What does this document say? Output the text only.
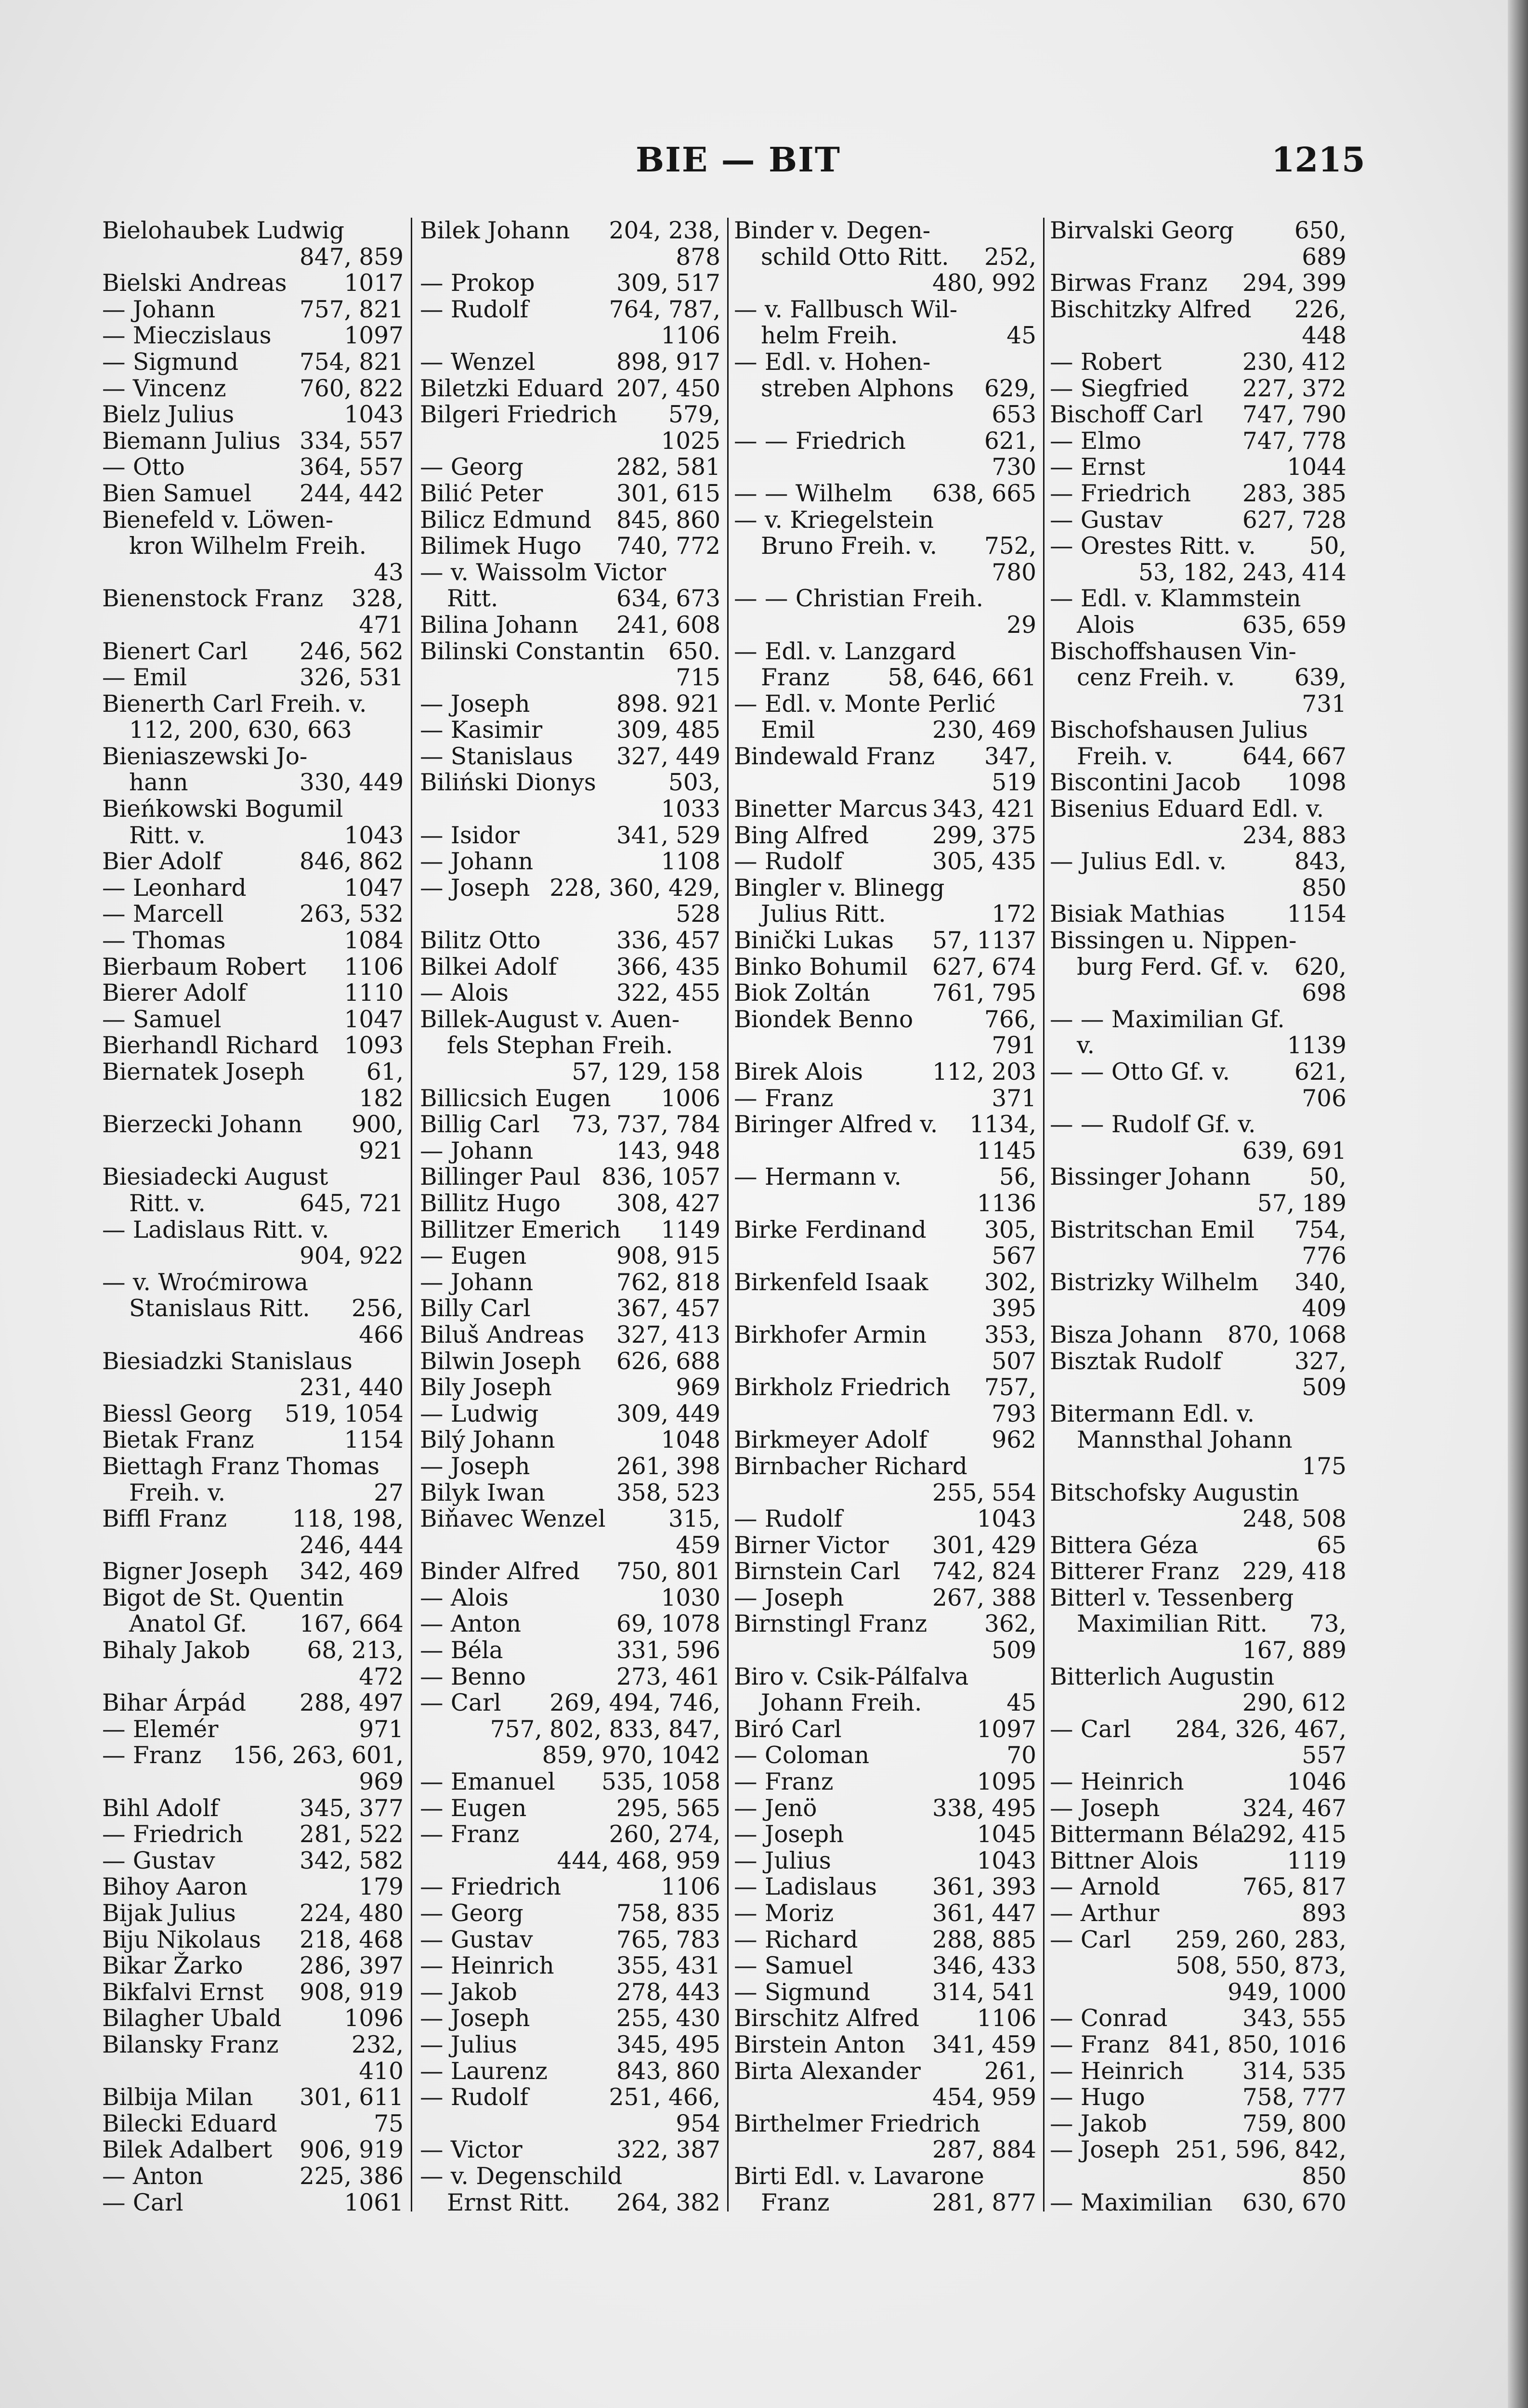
BIE — BIT	1215
Bielohaubek Ludwig
847, 859
1017
Bielski Andreas
757, 821
— Johann
1097
— Mieczislaus
754, 821
— Sigmund
760, 822
— Vincenz
1043
Bielz Julius
334, 557
Biemann Julius
364, 557
— Otto
244, 442
Bien Samuel
Bienefeld v. Löwen-
kron Wilhelm Freih.
43
328,
Bienenstock Franz
471
246, 562
Bienert Carl
326, 531
— Emil
Bienerth Carl Freih. v.
112, 200, 630, 663
Bieniaszewski Jo-
330, 449
hann
Bieńkowski Bogumil
1043
Ritt. v.
846, 862
Bier Adolf
1047
— Leonhard
263, 532
— Marcell
1084
— Thomas
1106
Bierbaum Robert
1110
Bierer Adolf
1047
— Samuel
1093
Bierhandl Richard
61,
Biernatek Joseph
182
900,
Bierzecki Johann
921
Biesiadecki August
645, 721
Ritt. v.
— Ladislaus Ritt. v.
904, 922
— v. Wroćmirowa
256,
Stanislaus Ritt.
466
Biesiadzki Stanislaus
231, 440
519, 1054
Biessl Georg
1154
Bietak Franz
Biettagh Franz Thomas
27
Freih. v.
118, 198,
Biffl Franz
246, 444
342, 469
Bigner Joseph
Bigot de St. Quentin
167, 664
Anatol Gf.
68, 213,
Bihaly Jakob
472
288, 497
Bihar Árpád
971
— Elemér
156, 263, 601,
— Franz
969
345, 377
Bihl Adolf
281, 522
— Friedrich
342, 582
— Gustav
179
Bihoy Aaron
224, 480
Bijak Julius
218, 468
Biju Nikolaus
286, 397
Bikar Žarko
908, 919
Bikfalvi Ernst
1096
Bilagher Ubald
232,
Bilansky Franz
410
301, 611
Bilbija Milan
75
Bilecki Eduard
906, 919
Bilek Adalbert
225, 386
— Anton
1061
— Carl
204, 238,
Bilek Johann
878
309, 517
— Prokop
764, 787,
— Rudolf
1106
898, 917
— Wenzel
207, 450
Biletzki Eduard
579,
Bilgeri Friedrich
1025
282, 581
— Georg
301, 615
Bilić Peter
845, 860
Bilicz Edmund
740, 772
Bilimek Hugo
— v. Waissolm Victor
634, 673
Ritt.
241, 608
Bilina Johann
650.
Bilinski Constantin
715
898. 921
— Joseph
309, 485
— Kasimir
327, 449
— Stanislaus
503,
Biliński Dionys
1033
341, 529
— Isidor
1108
— Johann
228, 360, 429,
— Joseph
528
336, 457
Bilitz Otto
366, 435
Bilkei Adolf
322, 455
— Alois
Billek-August v. Auen-
fels Stephan Freih.
57, 129, 158
1006
Billicsich Eugen
73, 737, 784
Billig Carl
143, 948
— Johann
836, 1057
Billinger Paul
308, 427
Billitz Hugo
1149
Billitzer Emerich
908, 915
— Eugen
762, 818
— Johann
367, 457
Billy Carl
327, 413
Biluš Andreas
626, 688
Bilwin Joseph
969
Bily Joseph
309, 449
— Ludwig
1048
Bilý Johann
261, 398
— Joseph
358, 523
Bilyk Iwan
315,
Biňavec Wenzel
459
750, 801
Binder Alfred
1030
— Alois
69, 1078
— Anton
331, 596
— Béla
273, 461
— Benno
269, 494, 746,
— Carl
757, 802, 833, 847,
859, 970, 1042
535, 1058
— Emanuel
295, 565
— Eugen
260, 274,
— Franz
444, 468, 959
1106
— Friedrich
758, 835
— Georg
765, 783
— Gustav
355, 431
— Heinrich
278, 443
— Jakob
255, 430
— Joseph
345, 495
— Julius
843, 860
— Laurenz
251, 466,
— Rudolf
954
322, 387
— Victor
— v. Degenschild
264, 382
Ernst Ritt.
Binder v. Degen-
252,
schild Otto Ritt.
480, 992
— v. Fallbusch Wil-
45
helm Freih.
— Edl. v. Hohen-
629,
streben Alphons
653
621,
— — Friedrich
730
638, 665
— — Wilhelm
— v. Kriegelstein
752,
Bruno Freih. v.
780
— — Christian Freih.
29
— Edl. v. Lanzgard
58, 646, 661
Franz
— Edl. v. Monte Perlić
230, 469
Emil
347,
Bindewald Franz
519
343, 421
Binetter Marcus
299, 375
Bing Alfred
305, 435
— Rudolf
Bingler v. Blinegg
172
Julius Ritt.
57, 1137
Binički Lukas
627, 674
Binko Bohumil
761, 795
Biok Zoltán
766,
Biondek Benno
791
112, 203
Birek Alois
371
— Franz
1134,
Biringer Alfred v.
1145
56,
— Hermann v.
1136
305,
Birke Ferdinand
567
302,
Birkenfeld Isaak
395
353,
Birkhofer Armin
507
757,
Birkholz Friedrich
793
962
Birkmeyer Adolf
Birnbacher Richard
255, 554
1043
— Rudolf
301, 429
Birner Victor
742, 824
Birnstein Carl
267, 388
— Joseph
362,
Birnstingl Franz
509
Biro v. Csik-Pálfalva
45
Johann Freih.
1097
Biró Carl
70
— Coloman
1095
— Franz
338, 495
— Jenö
1045
— Joseph
1043
— Julius
361, 393
— Ladislaus
361, 447
— Moriz
288, 885
— Richard
346, 433
— Samuel
314, 541
— Sigmund
1106
Birschitz Alfred
341, 459
Birstein Anton
261,
Birta Alexander
454, 959
Birthelmer Friedrich
287, 884
Birti Edl. v. Lavarone
281, 877
Franz
650,
Birvalski Georg
689
294, 399
Birwas Franz
226,
Bischitzky Alfred
448
230, 412
— Robert
227, 372
— Siegfried
747, 790
Bischoff Carl
747, 778
— Elmo
1044
— Ernst
283, 385
— Friedrich
627, 728
— Gustav
50,
— Orestes Ritt. v.
53, 182, 243, 414
— Edl. v. Klammstein
635, 659
Alois
Bischoffshausen Vin-
639,
cenz Freih. v.
731
Bischofshausen Julius
644, 667
Freih. v.
1098
Biscontini Jacob
Bisenius Eduard Edl. v.
234, 883
843,
— Julius Edl. v.
850
1154
Bisiak Mathias
Bissingen u. Nippen-
620,
burg Ferd. Gf. v.
698
— — Maximilian Gf.
1139
v.
621,
— — Otto Gf. v.
706
— — Rudolf Gf. v.
639, 691
50,
Bissinger Johann
57, 189
754,
Bistritschan Emil
776
340,
Bistrizky Wilhelm
409
870, 1068
Bisza Johann
327,
Bisztak Rudolf
509
Bitermann Edl. v.
Mannsthal Johann
175
Bitschofsky Augustin
248, 508
65
Bittera Géza
229, 418
Bitterer Franz
Bitterl v. Tessenberg
73,
Maximilian Ritt.
167, 889
Bitterlich Augustin
290, 612
284, 326, 467,
— Carl
557
1046
— Heinrich
324, 467
— Joseph
292, 415
Bittermann Béla
1119
Bittner Alois
765, 817
— Arnold
893
— Arthur
259, 260, 283,
— Carl
508, 550, 873,
949, 1000
343, 555
— Conrad
841, 850, 1016
— Franz
314, 535
— Heinrich
758, 777
— Hugo
759, 800
— Jakob
251, 596, 842,
— Joseph
850
630, 670
— Maximilian
